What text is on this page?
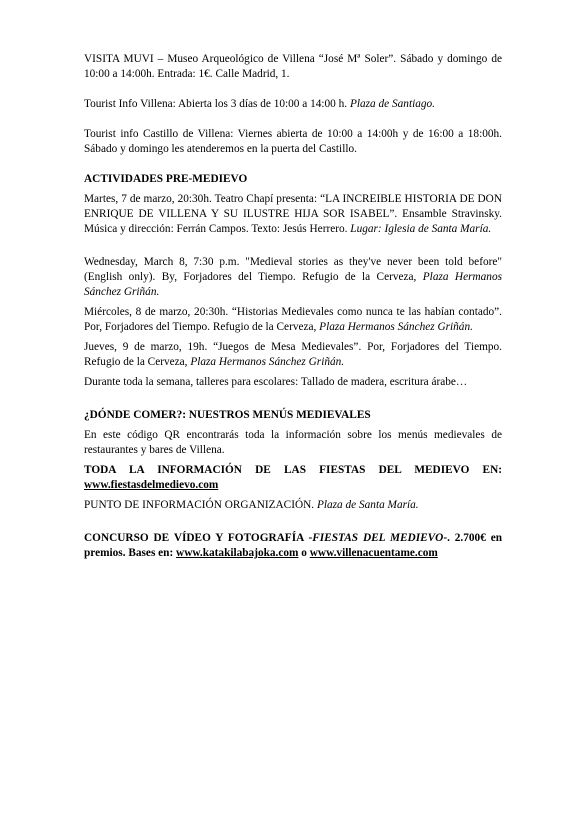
VISITA MUVI – Museo Arqueológico de Villena “José Mª Soler”. Sábado y domingo de 10:00 a 14:00h. Entrada: 1€. Calle Madrid, 1.

Tourist Info Villena: Abierta los 3 días de 10:00 a 14:00 h. Plaza de Santiago.

Tourist info Castillo de Villena: Viernes abierta de 10:00 a 14:00h y de 16:00 a 18:00h. Sábado y domingo les atenderemos en la puerta del Castillo.

ACTIVIDADES PRE-MEDIEVO

Martes, 7 de marzo, 20:30h. Teatro Chapí presenta: “LA INCREIBLE HISTORIA DE DON ENRIQUE DE VILLENA Y SU ILUSTRE HIJA SOR ISABEL”. Ensamble Stravinsky. Música y dirección: Ferrán Campos. Texto: Jesús Herrero. Lugar: Iglesia de Santa María.

Wednesday, March 8, 7:30 p.m. "Medieval stories as they've never been told before" (English only). By, Forjadores del Tiempo. Refugio de la Cerveza, Plaza Hermanos Sánchez Griñán.

Miércoles, 8 de marzo, 20:30h. “Historias Medievales como nunca te las habían contado”. Por, Forjadores del Tiempo. Refugio de la Cerveza, Plaza Hermanos Sánchez Griñán.

Jueves, 9 de marzo, 19h. “Juegos de Mesa Medievales”. Por, Forjadores del Tiempo. Refugio de la Cerveza, Plaza Hermanos Sánchez Griñán.

Durante toda la semana, talleres para escolares: Tallado de madera, escritura árabe…

¿DÓNDE COMER?: NUESTROS MENÚS MEDIEVALES

En este código QR encontrarás toda la información sobre los menús medievales de restaurantes y bares de Villena.

TODA LA INFORMACIÓN DE LAS FIESTAS DEL MEDIEVO EN: www.fiestasdelmedievo.com

PUNTO DE INFORMACIÓN ORGANIZACIÓN. Plaza de Santa María.

CONCURSO DE VÍDEO Y FOTOGRAFÍA -FIESTAS DEL MEDIEVO-. 2.700€ en premios. Bases en: www.katakilabajoka.com o www.villenacuentame.com
